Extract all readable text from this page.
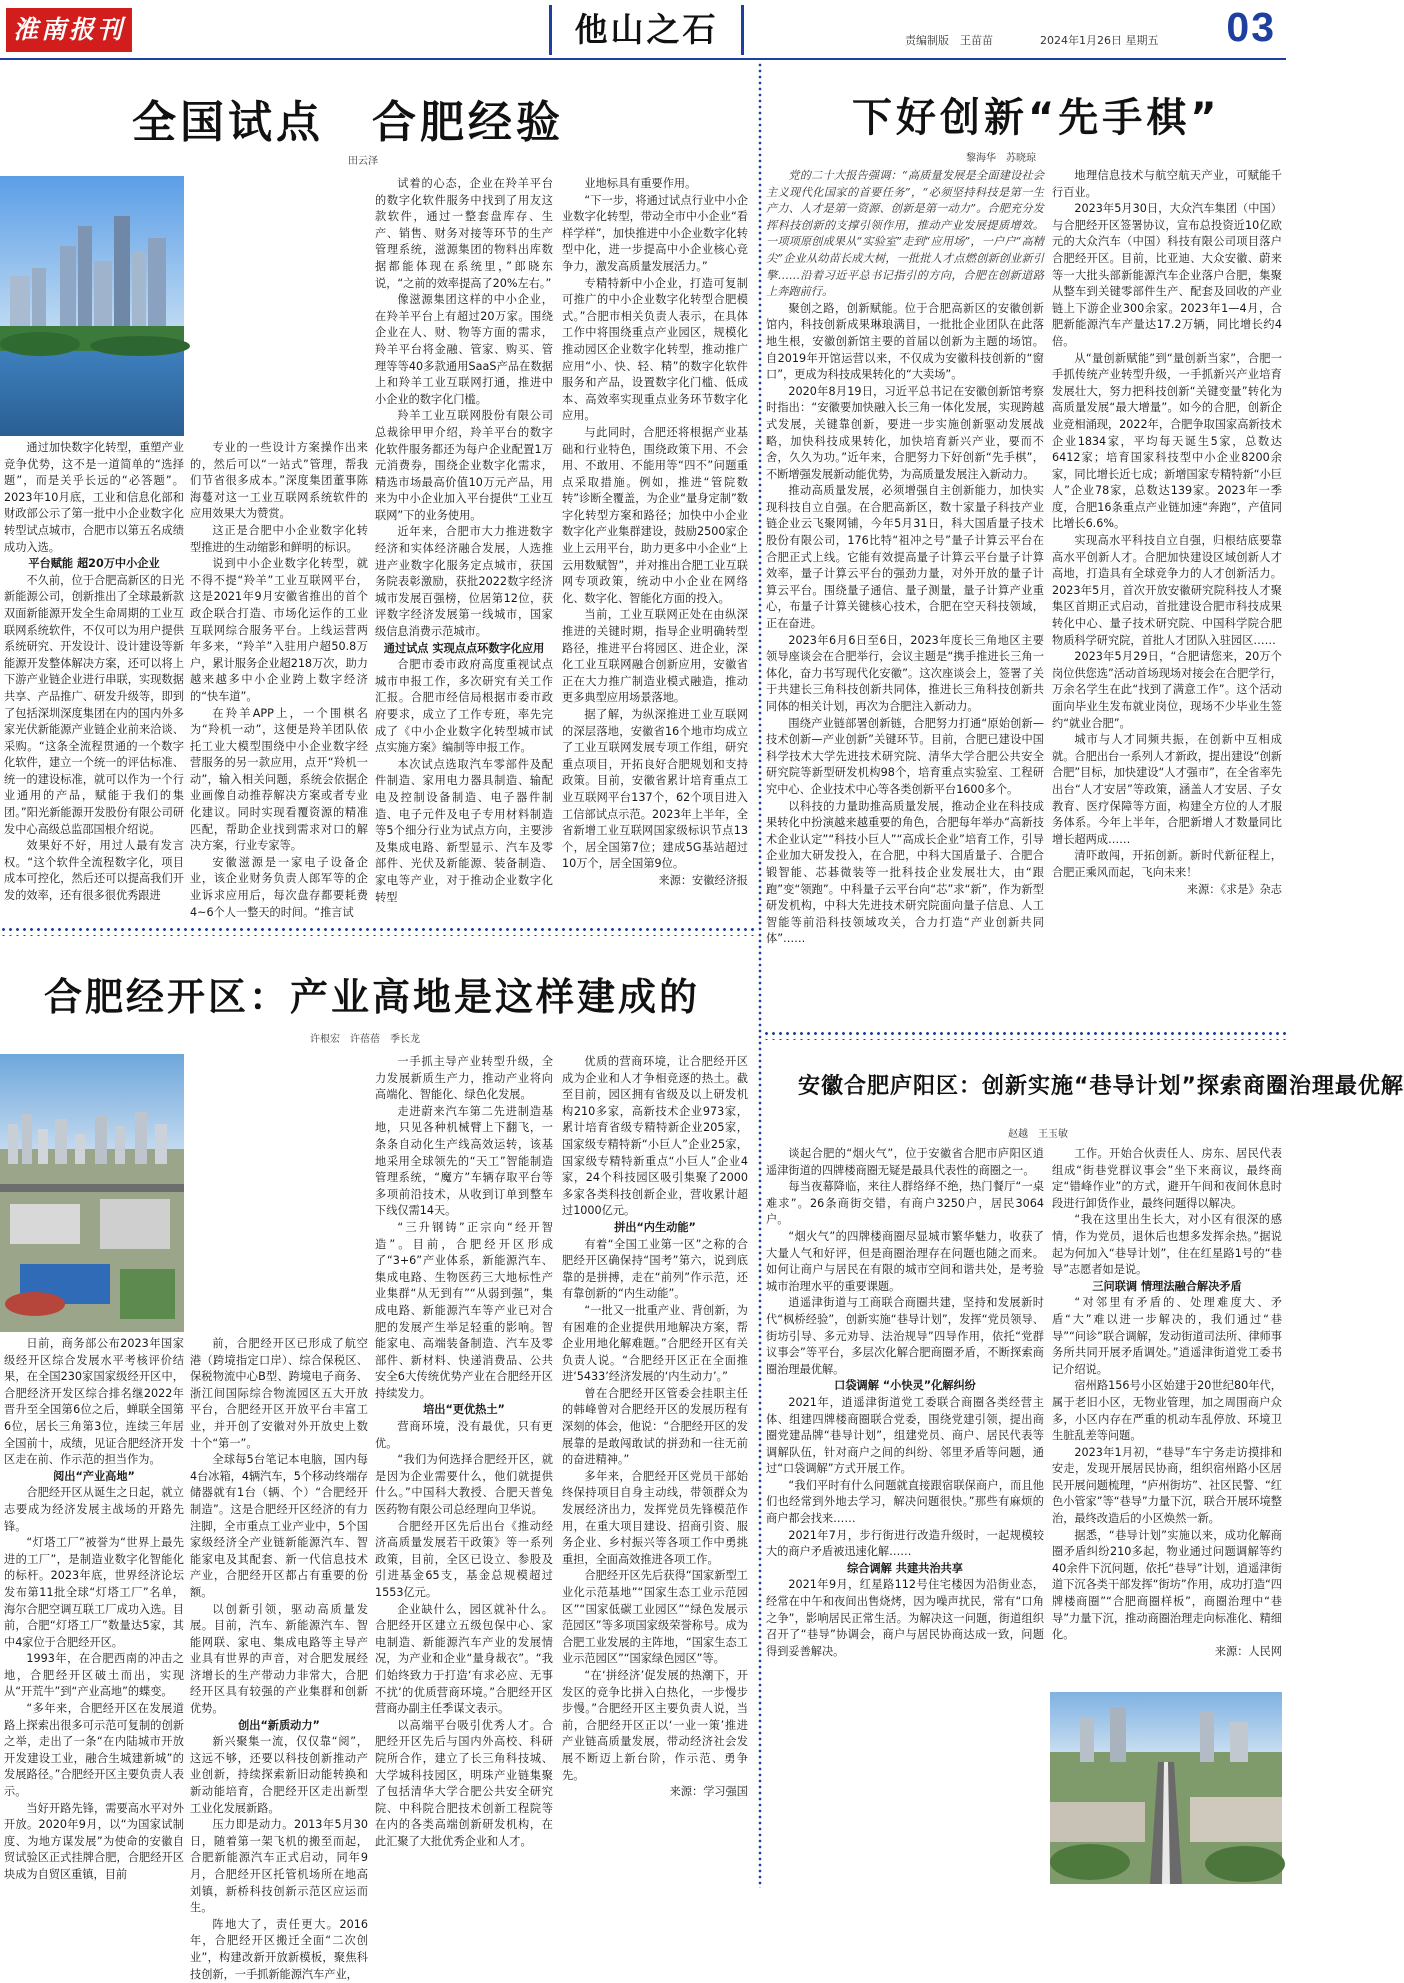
淮南报刊	他山之石	责编制版　王苗苗	2024年1月26日 星期五 03
全国试点　合肥经验
田云泽
通过加快数字化转型，重塑产业竞争优势，这不是一道简单的“选择题”，而是关乎长远的“必答题”。2023年10月底，工业和信息化部和财政部公示了第一批中小企业数字化转型试点城市，合肥市以第五名成绩成功入选。
平台赋能 超20万中小企业
不久前，位于合肥高新区的日光新能源公司，创新推出了全球最新款双面新能源开发全生命周期的工业互联网系统软件，不仅可以为用户提供系统研究、开发设计、设计建设等新能源开发整体解决方案，还可以将上下游产业链企业进行串联，实现数据共享、产品推广、研发升级等，即到了包括深圳深度集团在内的国内外多家光伏新能源产业链企业前来洽谈、采购。“这条全流程贯通的一个数字化软件，建立一个统一的评估标准、统一的建设标准，就可以作为一个行业通用的产品，赋能于我们的集团。”阳光新能源开发股份有限公司研发中心高级总监邵国根介绍说。
效果好不好，用过人最有发言权。“这个软件全流程数字化，项目成本可控化，然后还可以提高我们开发的效率，还有很多很优秀跟进
专业的一些设计方案操作出来的，然后可以“一站式”管理，帮我们节省很多成本。”深度集团董事陈海蔓对这一工业互联网系统软件的应用效果大为赞赏。
这正是合肥中小企业数字化转型推进的生动缩影和鲜明的标识。
说到中小企业数字化转型，就不得不提“羚羊”工业互联网平台，这是2021年9月安徽省推出的首个政企联合打造、市场化运作的工业互联网综合服务平台。上线运营两年多来，“羚羊”入驻用户超50.8万户，累计服务企业超218万次，助力越来越多中小企业跨上数字经济的“快车道”。
在羚羊APP上，一个围棋名为“羚机一动”，这便是羚羊团队依托工业大模型围绕中小企业数字经营服务的另一款应用，点开“羚机一动”，输入相关问题，系统会依据企业画像自动推荐解决方案或者专业化建议。同时实现看覆资源的精准匹配，帮助企业找到需求对口的解决方案，行业专家等。
安徽滋源是一家电子设备企业，该企业财务负责人郎军等的企业诉求应用后，每次盘存都要耗费4~6个人一整天的时间。“推言试
试着的心态，企业在羚羊平台的数字化软件服务中找到了用友这款软件，通过一整套盘库存、生产、销售、财务对接等环节的生产管理系统，滋源集团的物料出库数据都能体现在系统里，”郎晓东说，“之前的效率提高了20%左右。”
像滋源集团这样的中小企业，在羚羊平台上有超过20万家。围绕企业在人、财、物等方面的需求，羚羊平台将金融、管家、购买、管理等等40多款通用SaaS产品在数据上和羚羊工业互联网打通，推进中小企业的数字化门槛。
羚羊工业互联网股份有限公司总裁徐甲甲介绍，羚羊平台的数字化软件服务都还为每户企业配置1万元消费券，围绕企业数字化需求，精选市场最高价值10万元产品，用来为中小企业加入平台提供“工业互联网”下的业务使用。
近年来，合肥市大力推进数字经济和实体经济融合发展，人选推进产业数字化服务定点城市，获国务院表彰激励，获批2022数字经济城市发展百强榜，位居第12位，获评数字经济发展第一线城市，国家级信息消费示范城市。
通过试点 实现点点环数字化应用
合肥市委市政府高度重视试点城市申报工作，多次研究有关工作汇报。合肥市经信局根据市委市政府要求，成立了工作专班，率先完成了《中小企业数字化转型城市试点实施方案》编制等申报工作。
本次试点选取汽车零部件及配件制造、家用电力器具制造、输配电及控制设备制造、电子器件制造、电子元件及电子专用材料制造等5个细分行业为试点方向，主要涉及集成电路、新型显示、汽车及零部件、光伏及新能源、装备制造、家电等产业，对于推动企业数字化转型
业地标具有重要作用。
“下一步，将通过试点行业中小企业数字化转型，带动全市中小企业“看样学样”，加快推进中小企业数字化转型中化，进一步提高中小企业核心竞争力，激发高质量发展活力。”
专精特新中小企业，打造可复制可推广的中小企业数字化转型合肥模式。”合肥市相关负责人表示，在具体工作中将围绕重点产业园区，规模化推动园区企业数字化转型，推动推广应用“小、快、轻、精”的数字化软件服务和产品，设置数字化门槛、低成本、高效率实现重点业务环节数字化应用。
与此同时，合肥还将根据产业基础和行业特色，围绕政策下用、不会用、不敢用、不能用等“四不”问题重点采取措施。例如，推进“管院数转”诊断全覆盖，为企业“量身定制”数字化转型方案和路径；加快中小企业数字化产业集群建设，鼓励2500家企业上云用平台，助力更多中小企业“上云用数赋智”，并对推出合肥工业互联网专项政策，统动中小企业在网络化、数字化、智能化方面的投入。
当前，工业互联网正处在由纵深推进的关键时期，指导企业明确转型路径，推进平台将园区、进企业，深化工业互联网融合创新应用，安徽省正在大力推广制造业模式融造，推动更多典型应用场景落地。
据了解，为纵深推进工业互联网的深层落地，安徽省16个地市均成立了工业互联网发展专项工作组，研究重点项目，开拓良好合肥规划和支持政策。目前，安徽省累计培育重点工业互联网平台137个，62个项目进入工信部试点示范。2023年上半年，全省新增工业互联网国家级标识节点13个，居全国第7位；建成5G基站超过10万个，居全国第9位。
来源：安徽经济报
下好创新“先手棋”
黎海华　苏晓琼
党的二十大报告强调：“高质量发展是全面建设社会主义现代化国家的首要任务”，“必须坚持科技是第一生产力、人才是第一资源、创新是第一动力”。合肥充分发挥科技创新的支撑引领作用，推动产业发展提质增效。一项项原创成果从“实验室”走到“应用场”，一户户“高精尖”企业从幼苗长成大树，一批批人才点燃创新创业新引擎……沿着习近平总书记指引的方向，合肥在创新道路上奔跑前行。
聚创之路，创新赋能。位于合肥高新区的安徽创新馆内，科技创新成果琳琅满目，一批批企业团队在此落地生根，安徽创新馆主要的首届以创新为主题的场馆。自2019年开馆运营以来，不仅成为安徽科技创新的“窗口”，更成为科技成果转化的“大卖场”。
2020年8月19日，习近平总书记在安徽创新馆考察时指出：“安徽要加快融入长三角一体化发展，实现跨越式发展，关键靠创新，要进一步实施创新驱动发展战略，加快科技成果转化，加快培育新兴产业，要而不舍，久久为功。”近年来，合肥努力下好创新“先手棋”，不断增强发展新动能优势，为高质量发展注入新动力。
推动高质量发展，必须增强自主创新能力，加快实现科技自立自强。在合肥高新区，数十家量子科技产业链企业云飞聚网铺，今年5月31日，科大国盾量子技术股份有限公司，176比特“祖冲之号”量子计算云平台在合肥正式上线。它能有效提高量子计算云平台量子计算效率，量子计算云平台的强劲力量，对外开放的量子计算云平台。围绕量子通信、量子测量，量子计算产业重心，布量子计算关键核心技术，合肥在空天科技领域，正在奋进。
2023年6月6日至6日，2023年度长三角地区主要领导座谈会在合肥举行，会议主题是“携手推进长三角一体化，奋力书写现代化安徽”。这次座谈会上，签署了关于共建长三角科技创新共同体，推进长三角科技创新共同体的相关计划，再次为合肥注入新动力。
围绕产业链部署创新链，合肥努力打通“原始创新—技术创新—产业创新”关键环节。目前，合肥已建设中国科学技术大学先进技术研究院、清华大学合肥公共安全研究院等新型研发机构98个，培育重点实验室、工程研究中心、企业技术中心等各类创新平台1600多个。
以科技的力量助推高质量发展，推动企业在科技成果转化中扮演越来越重要的角色，合肥每年举办“高新技术企业认定”“科技小巨人”“高成长企业”培育工作，引导企业加大研发投入，在合肥，中科大国盾量子、合肥合锻智能、芯碁微装等一批科技企业发展壮大，由“跟跑”变“领跑”。中科量子云平台向“芯”求“新”，作为新型研发机构，中科大先进技术研究院面向量子信息、人工智能等前沿科技领域攻关，合力打造“产业创新共同体”……
地理信息技术与航空航天产业，可赋能千行百业。
2023年5月30日，大众汽车集团（中国）与合肥经开区签署协议，宣布总投资近10亿欧元的大众汽车（中国）科技有限公司项目落户合肥经开区。目前，比亚迪、大众安徽、蔚来等一大批头部新能源汽车企业落户合肥，集聚从整车到关键零部件生产、配套及回收的产业链上下游企业300余家。2023年1—4月，合肥新能源汽车产量达17.2万辆，同比增长约4倍。
从“量创新赋能”到“量创新当家”，合肥一手抓传统产业转型升级，一手抓新兴产业培育发展壮大，努力把科技创新“关键变量”转化为高质量发展“最大增量”。如今的合肥，创新企业竞相涌现，2022年，合肥争取国家高新技术企业1834家，平均每天诞生5家，总数达6412家；培育国家科技型中小企业8200余家，同比增长近七成；新增国家专精特新“小巨人”企业78家，总数达139家。2023年一季度，合肥16条重点产业链加速“奔跑”，产值同比增长6.6%。
实现高水平科技自立自强，归根结底要靠高水平创新人才。合肥加快建设区域创新人才高地，打造具有全球竞争力的人才创新活力。2023年5月，首次开放安徽研究院科技人才聚集区首期正式启动，首批建设合肥市科技成果转化中心、量子技术研究院、中国科学院合肥物质科学研究院，首批人才团队入驻园区……
2023年5月29日，“合肥请您来，20万个岗位供您选”活动首场现场对接会在合肥学行，万余名学生在此“找到了满意工作”。这个活动面向毕业生发布就业岗位，现场不少毕业生签约“就业合肥”。
城市与人才同频共振，在创新中互相成就。合肥出台一系列人才新政，提出建设“创新合肥”目标，加快建设“人才强市”，在全省率先出台“人才安居”等政策，涵盖人才安居、子女教育、医疗保障等方面，构建全方位的人才服务体系。今年上半年，合肥新增人才数量同比增长超两成……
清吓敢闯，开拓创新。新时代新征程上，合肥正乘风而起，飞向未来！
来源：《求是》杂志
合肥经开区：产业高地是这样建成的
许根宏　许蓓蓓　季长龙
日前，商务部公布2023年国家级经开区综合发展水平考核评价结果，在全国230家国家级经开区中，合肥经济开发区综合排名继2022年晋升至全国第6位之后，蝉联全国第6位，居长三角第3位，连续三年居全国前十，成绩，见证合肥经济开发区走在前、作示范的担当作为。
阅出“产业高地”
合肥经开区从诞生之日起，就立志要成为经济发展主战场的开路先锋。
“灯塔工厂”被誉为“世界上最先进的工厂”，是制造业数字化智能化的标杆。2023年底，世界经济论坛发布第11批全球“灯塔工厂”名单，海尔合肥空调互联工厂成功入选。目前，合肥“灯塔工厂”数量达5家，其中4家位于合肥经开区。
1993年，在合肥西南的冲击之地，合肥经开区破土而出，实现从“开荒牛”到“产业高地”的蝶变。
“多年来，合肥经开区在发展道路上探索出很多可示范可复制的创新之举，走出了一条“在内陆城市开放开发建设工业，融合生城建新城”的发展路径。”合肥经开区主要负责人表示。
当好开路先锋，需要高水平对外开放。2020年9月，以“为国家试制度、为地方谋发展”为使命的安徽自贸试验区正式挂牌合肥，合肥经开区块成为自贸区重镇，目前
前，合肥经开区已形成了航空港（跨境指定口岸）、综合保税区、保税物流中心B型、跨境电子商务、浙江间国际综合物流园区五大开放平台，合肥经开区开放平台丰富工业，并开创了安徽对外开放史上数十个“第一”。
全球每5台笔记本电脑，国内每4台冰箱，4辆汽车，5个移动终端存储器就有1台（辆、个）“合肥经开制造”。这是合肥经开区经济的有力注脚，全市重点工业产业中，5个国家级经济全产业链新能源汽车、智能家电及其配套、新一代信息技术产业，合肥经开区都占有重要的份额。
以创新引领，驱动高质量发展。目前，汽车、新能源汽车、智能网联、家电、集成电路等主导产业具有世界的声音，对合肥发展经济增长的生产带动力非常大，合肥经开区具有较强的产业集群和创新优势。
创出“新质动力”
新兴聚集一流，仅仅靠“阅”，这远不够，还要以科技创新推动产业创新，持续探索新旧动能转换和新动能培育，合肥经开区走出新型工业化发展新路。
压力即是动力。2013年5月30日，随着第一架飞机的搬至而起，合肥新能源汽车正式启动，同年9月，合肥经开区托管机场所在地高刘镇，新桥科技创新示范区应运而生。
阵地大了，责任更大。2016年，合肥经开区搬迁全面“二次创业”，构建改新开放新模板，聚焦科技创新，一手抓新能源汽车产业，
一手抓主导产业转型升级，全力发展新质生产力，推动产业将向高端化、智能化、绿色化发展。
走进蔚来汽车第二先进制造基地，只见各种机械臂上下翻飞，一条条自动化生产线高效运转，该基地采用全球领先的“天工”智能制造管理系统，“魔方”车辆存取平台等多项前沿技术，从收到订单到整车下线仅需14天。
“三升钢铸”正宗向“经开智造”。目前，合肥经开区形成了“3+6”产业体系，新能源汽车、集成电路、生物医药三大地标性产业集群“从无到有”“从弱到强”，集成电路、新能源汽车等产业已对合肥的发展产生举足轻重的影响。智能家电、高端装备制造、汽车及零部件、新材料、快递消费品、公共安全6大传统优势产业在合肥经开区持续发力。
培出“更优热土”
营商环境，没有最优，只有更优。
“我们为何选择合肥经开区，就是因为企业需要什么，他们就提供什么。”中国科大教授、合肥天普兔医药物有限公司总经理向卫华说。
合肥经开区先后出台《推动经济高质量发展若干政策》等一系列政策，目前，全区已设立、参股及引进基金65支，基金总规模超过1553亿元。
企业缺什么，园区就补什么。合肥经开区建立五级包保中心、家电制造、新能源汽车产业的发展情况，为产业和企业“量身裁衣”。“我们始终致力于打造‘有求必应、无事不扰’的优质营商环境。”合肥经开区营商办副主任季谋文表示。
以高端平台吸引优秀人才。合肥经开区先后与国内外高校、科研院所合作，建立了长三角科技城、大学城科技园区，明珠产业链集聚了包括清华大学合肥公共安全研究院、中科院合肥技术创新工程院等在内的各类高端创新研发机构，在此汇聚了大批优秀企业和人才。
优质的营商环境，让合肥经开区成为企业和人才争相竞逐的热土。截至目前，园区拥有省级及以上研发机构210多家，高新技术企业973家，累计培育省级专精特新企业205家，国家级专精特新“小巨人”企业25家，国家级专精特新重点“小巨人”企业4家，24个科技园区吸引集聚了2000多家各类科技创新企业，营收累计超过1000亿元。
拼出“内生动能”
有着“全国工业第一区”之称的合肥经开区确保持“国考”第六，说到底靠的是拼搏，走在“前列”作示范，还有靠创新的“内生动能”。
“一批又一批重产业、背创新，为有困难的企业提供用地解决方案，帮企业用地化解难题。”合肥经开区有关负责人说。“合肥经开区正在全面推进‘5433’经济发展的‘内生动力’。”
曾在合肥经开区管委会挂职主任的韩峰曾对合肥经开区的发展历程有深刻的体会，他说：“合肥经开区的发展靠的是敢闯敢试的拼劲和一往无前的奋进精神。”
多年来，合肥经开区党员干部始终保持项目自身主动线，带领群众为发展经济出力，发挥党员先锋模范作用，在重大项目建设、招商引资、服务企业、乡村振兴等各项工作中勇挑重担，全面高效推进各项工作。
合肥经开区先后获得“国家新型工业化示范基地”“国家生态工业示范园区”“国家低碳工业园区”“绿色发展示范园区”等多项国家级荣誉称号。成为合肥工业发展的主阵地，“国家生态工业示范园区”“国家绿色园区”等。
“在‘拼经济’促发展的热潮下，开发区的竞争比拼入白热化，一步慢步步慢。”合肥经开区主要负责人说，当前，合肥经开区正以‘一业一策’推进产业链高质量发展，带动经济社会发展不断迈上新台阶，作示范、勇争先。
来源：学习强国
安徽合肥庐阳区：创新实施“巷导计划”探索商圈治理最优解
赵越　王玉敏
谈起合肥的“烟火气”，位于安徽省合肥市庐阳区逍遥津街道的四牌楼商圈无疑是最具代表性的商圈之一。
每当夜幕降临，来往人群络绎不绝，热门餐厅“一桌难求”。26条商街交错，有商户3250户，居民3064户。
“烟火气”的四牌楼商圈尽显城市繁华魅力，收获了大量人气和好评，但是商圈治理存在问题也随之而来。如何让商户与居民在有限的城市空间和谐共处，是考验城市治理水平的重要课题。
逍遥津街道与工商联合商圈共建，坚持和发展新时代“枫桥经验”，创新实施“巷导计划”，发挥“党员领导、街坊引导、多元劝导、法治规导”四导作用，依托“党群议事会”等平台，多层次化解合肥商圈矛盾，不断探索商圈治理最优解。
口袋调解 “小快灵”化解纠纷
2021年，逍遥津街道党工委联合商圈各类经营主体、组建四牌楼商圈联合党委，围绕党建引领，提出商圈党建品牌“巷导计划”，组建党员、商户、居民代表等调解队伍，针对商户之间的纠纷、邻里矛盾等问题，通过“口袋调解”方式开展工作。
“我们平时有什么问题就直接跟宿联保商户，而且他们也经常到外地去学习，解决问题很快。”那些有麻烦的商户都会找来……
2021年7月，步行街进行改造升级时，一起规模较大的商户矛盾被迅速化解……
综合调解 共建共治共享
2021年9月，红星路112号住宅楼因为沿街业态，经常在中午和夜间出售烧烤，因为噪声扰民，常有“口角之争”，影响居民正常生活。为解决这一问题，街道组织召开了“巷导”协调会，商户与居民协商达成一致，问题得到妥善解决。
工作。开始合伙责任人、房东、居民代表组成“街巷党群议事会”坐下来商议，最终商定“错峰作业”的方式，避开午间和夜间休息时段进行卸货作业，最终问题得以解决。
“我在这里出生长大，对小区有很深的感情，作为党员，退休后也想多发挥余热。”据说起为何加入“巷导计划”，住在红星路1号的“巷导”志愿者如是说。
三问联调 情理法融合解决矛盾
“对邻里有矛盾的、处理难度大、矛盾“大”难以进一步解决的，我们通过“巷导”“问诊”联合调解，发动街道司法所、律师事务所共同开展矛盾调处。”逍遥津街道党工委书记介绍说。
宿州路156号小区始建于20世纪80年代，属于老旧小区，无物业管理，加之周围商户众多，小区内存在严重的机动车乱停放、环境卫生脏乱差等问题。
2023年1月初，“巷导”车宁务走访摸排和安走，发现开展居民协商，组织宿州路小区居民开展问题梳理，“庐州街坊”、社区民警、“红色小管家”等“巷导”力量下沉，联合开展环境整治，最终改造后的小区焕然一新。
据悉，“巷导计划”实施以来，成功化解商圈矛盾纠纷210多起，物业通过问题调解等约40余件下沉问题，依托“巷导”计划，逍遥津街道下沉各类干部发挥“街坊”作用，成功打造“四牌楼商圈”“合肥商圈样板”，商圈治理中“巷导”力量下沉，推动商圈治理走向标准化、精细化。
来源：人民网
